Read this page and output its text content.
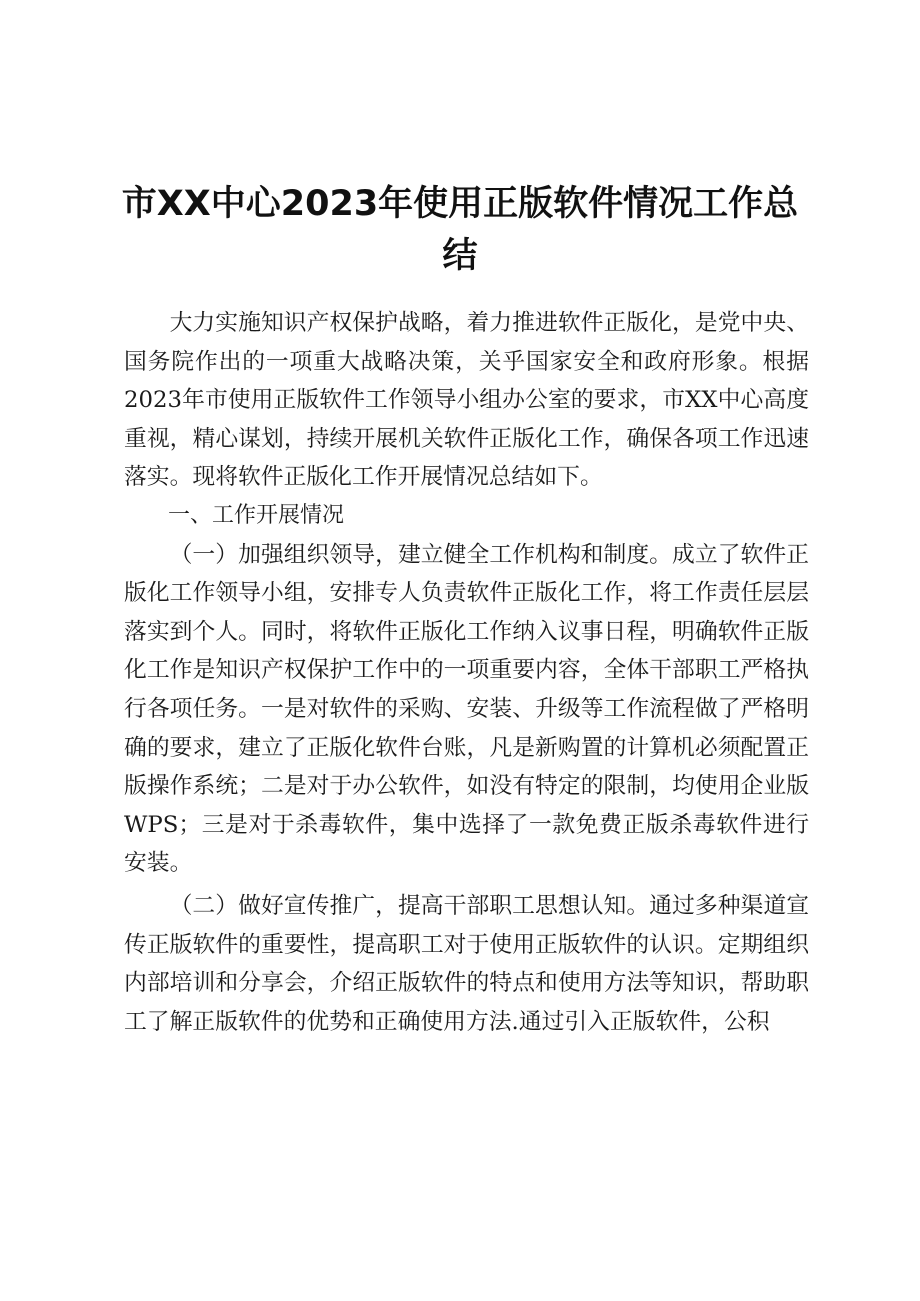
市XX中心2023年使用正版软件情况工作总结

大力实施知识产权保护战略，着力推进软件正版化，是党中央、国务院作出的一项重大战略决策，关乎国家安全和政府形象。根据2023年市使用正版软件工作领导小组办公室的要求，市XX中心高度重视，精心谋划，持续开展机关软件正版化工作，确保各项工作迅速落实。现将软件正版化工作开展情况总结如下。

一、工作开展情况

（一）加强组织领导，建立健全工作机构和制度。成立了软件正版化工作领导小组，安排专人负责软件正版化工作，将工作责任层层落实到个人。同时，将软件正版化工作纳入议事日程，明确软件正版化工作是知识产权保护工作中的一项重要内容，全体干部职工严格执行各项任务。一是对软件的采购、安装、升级等工作流程做了严格明确的要求，建立了正版化软件台账，凡是新购置的计算机必须配置正版操作系统；二是对于办公软件，如没有特定的限制，均使用企业版WPS；三是对于杀毒软件，集中选择了一款免费正版杀毒软件进行安装。

（二）做好宣传推广，提高干部职工思想认知。通过多种渠道宣传正版软件的重要性，提高职工对于使用正版软件的认识。定期组织内部培训和分享会，介绍正版软件的特点和使用方法等知识，帮助职工了解正版软件的优势和正确使用方法.通过引入正版软件，公积
